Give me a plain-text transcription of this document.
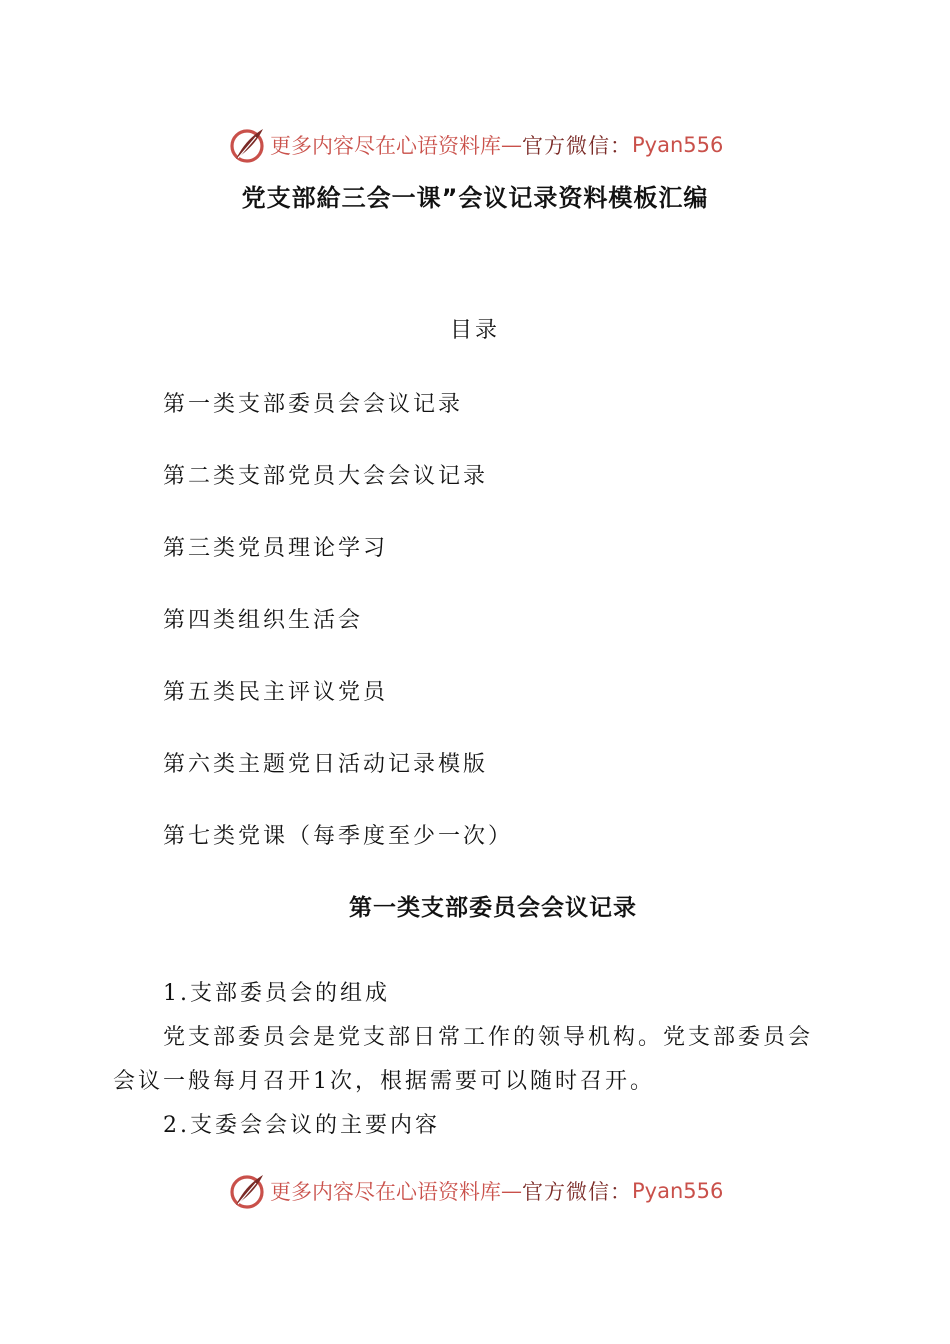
更多内容尽在心语资料库 — 官方微信： Pyan556
党支部給三会一课”会议记录资料模板汇编
目录
第一类支部委员会会议记录
第二类支部党员大会会议记录
第三类党员理论学习
第四类组织生活会
第五类民主评议党员
第六类主题党日活动记录模版
第七类党课（每季度至少一次）
第一类支部委员会会议记录
1.支部委员会的组成
党支部委员会是党支部日常工作的领导机构。党支部委员会
会议一般每月召开1次，根据需要可以随时召开。
2.支委会会议的主要内容
更多内容尽在心语资料库 — 官方微信： Pyan556
